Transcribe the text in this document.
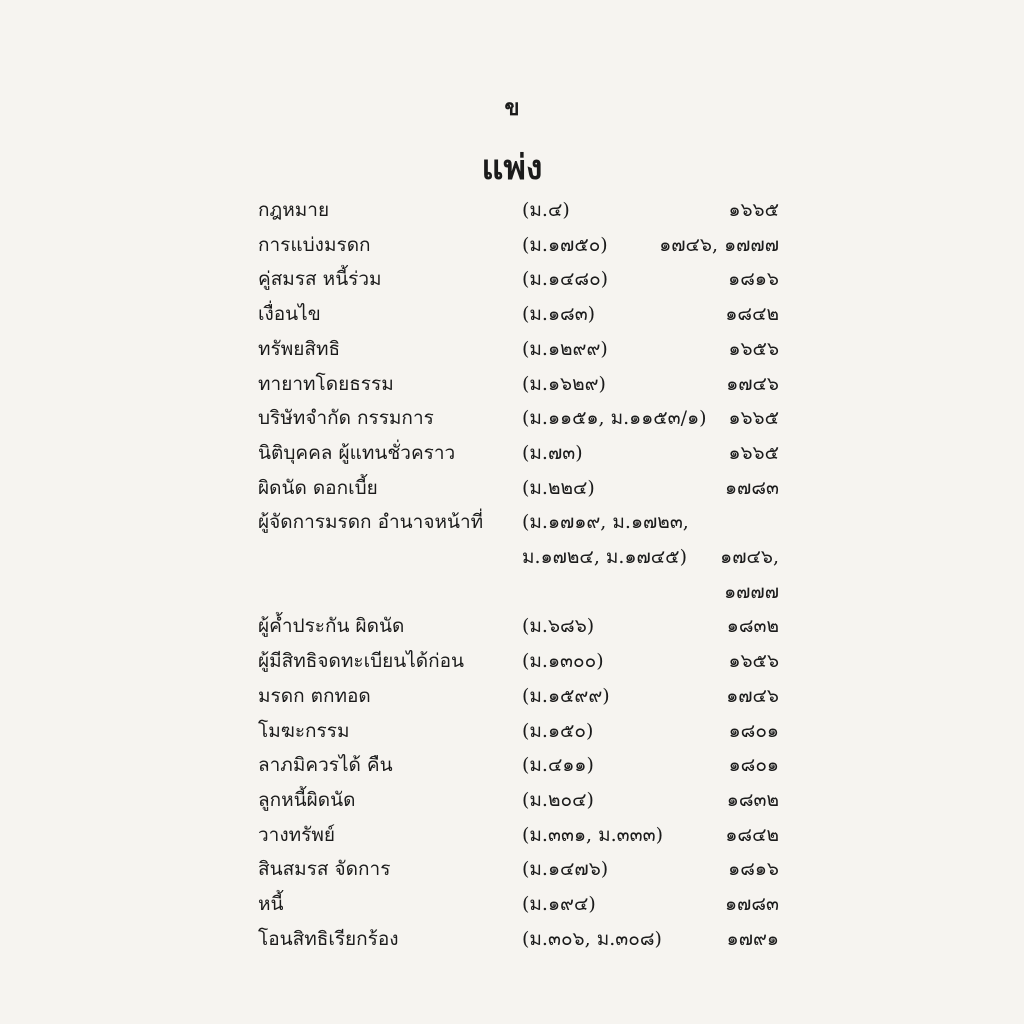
ข
แพ่ง
กฎหมาย	(ม.๔)	๑๖๖๕
การแบ่งมรดก	(ม.๑๗๕๐)	๑๗๔๖, ๑๗๗๗
คู่สมรส หนี้ร่วม	(ม.๑๔๘๐)	๑๘๑๖
เงื่อนไข	(ม.๑๘๓)	๑๘๔๒
ทรัพยสิทธิ	(ม.๑๒๙๙)	๑๖๕๖
ทายาทโดยธรรม	(ม.๑๖๒๙)	๑๗๔๖
บริษัทจำกัด กรรมการ	(ม.๑๑๕๑, ม.๑๑๕๓/๑) ๑๖๖๕
นิติบุคคล ผู้แทนชั่วคราว	(ม.๗๓)	๑๖๖๕
ผิดนัด ดอกเบี้ย	(ม.๒๒๔)	๑๗๘๓
ผู้จัดการมรดก อำนาจหน้าที่ (ม.๑๗๑๙, ม.๑๗๒๓,
ม.๑๗๒๔, ม.๑๗๔๕) ๑๗๔๖,
๑๗๗๗
ผู้ค้ำประกัน ผิดนัด	(ม.๖๘๖)	๑๘๓๒
ผู้มีสิทธิจดทะเบียนได้ก่อน	(ม.๑๓๐๐)	๑๖๕๖
มรดก ตกทอด	(ม.๑๕๙๙)	๑๗๔๖
โมฆะกรรม	(ม.๑๕๐)	๑๘๐๑
ลาภมิควรได้ คืน	(ม.๔๑๑)	๑๘๐๑
ลูกหนี้ผิดนัด	(ม.๒๐๔)	๑๘๓๒
วางทรัพย์	(ม.๓๓๑, ม.๓๓๓)	๑๘๔๒
สินสมรส จัดการ	(ม.๑๔๗๖)	๑๘๑๖
หนี้	(ม.๑๙๔)	๑๗๘๓
โอนสิทธิเรียกร้อง	(ม.๓๐๖, ม.๓๐๘)	๑๗๙๑
